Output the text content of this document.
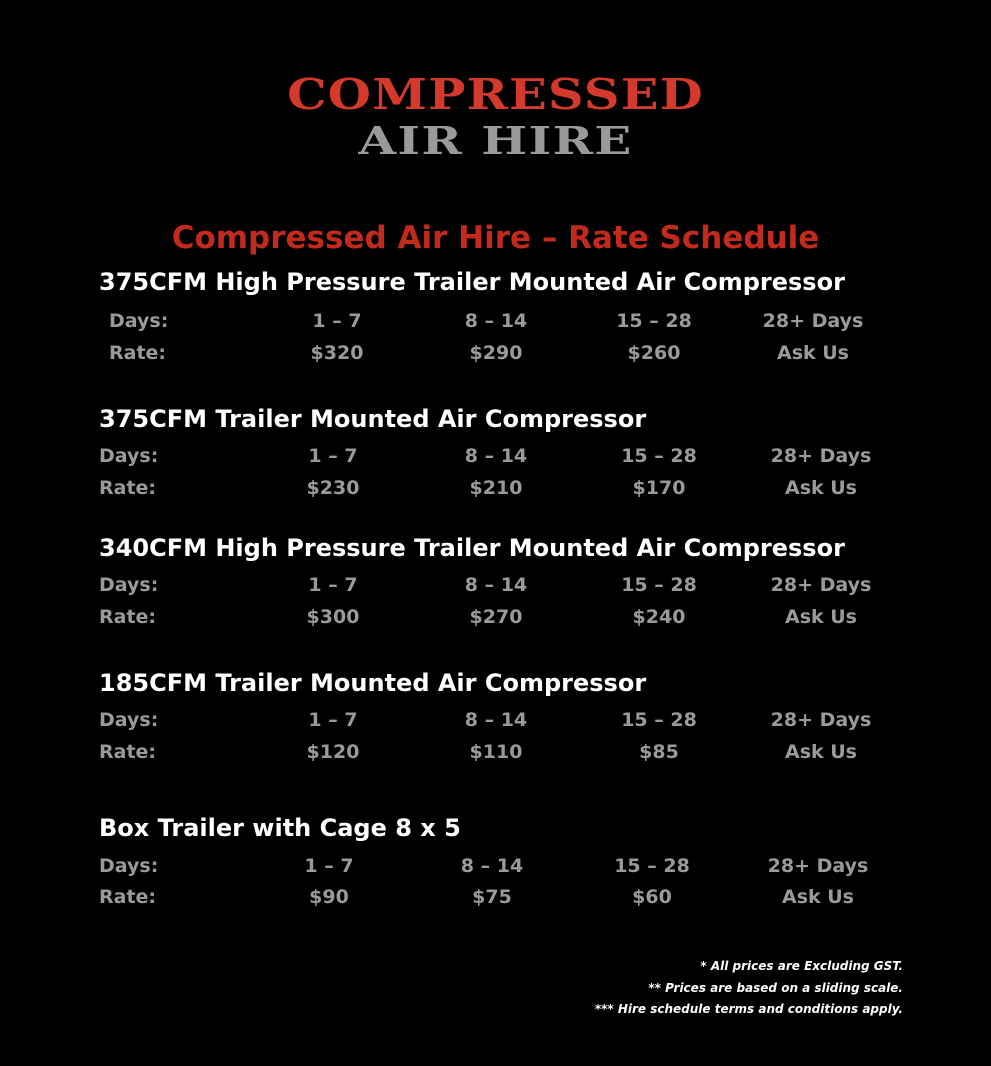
COMPRESSED
AIR HIRE
Compressed Air Hire – Rate Schedule
375CFM High Pressure Trailer Mounted Air Compressor
Days:	1 – 7	8 – 14	15 – 28	28+ Days
Rate:	$320	$290	$260	Ask Us
375CFM Trailer Mounted Air Compressor
Days:	1 – 7	8 – 14	15 – 28	28+ Days
Rate:	$230	$210	$170	Ask Us
340CFM High Pressure Trailer Mounted Air Compressor
Days:	1 – 7	8 – 14	15 – 28	28+ Days
Rate:	$300	$270	$240	Ask Us
185CFM Trailer Mounted Air Compressor
Days:	1 – 7	8 – 14	15 – 28	28+ Days
Rate:	$120	$110	$85	Ask Us
Box Trailer with Cage 8 x 5
Days:	1 – 7	8 – 14	15 – 28	28+ Days
Rate:	$90	$75	$60	Ask Us
* All prices are Excluding GST.
** Prices are based on a sliding scale.
*** Hire schedule terms and conditions apply.
